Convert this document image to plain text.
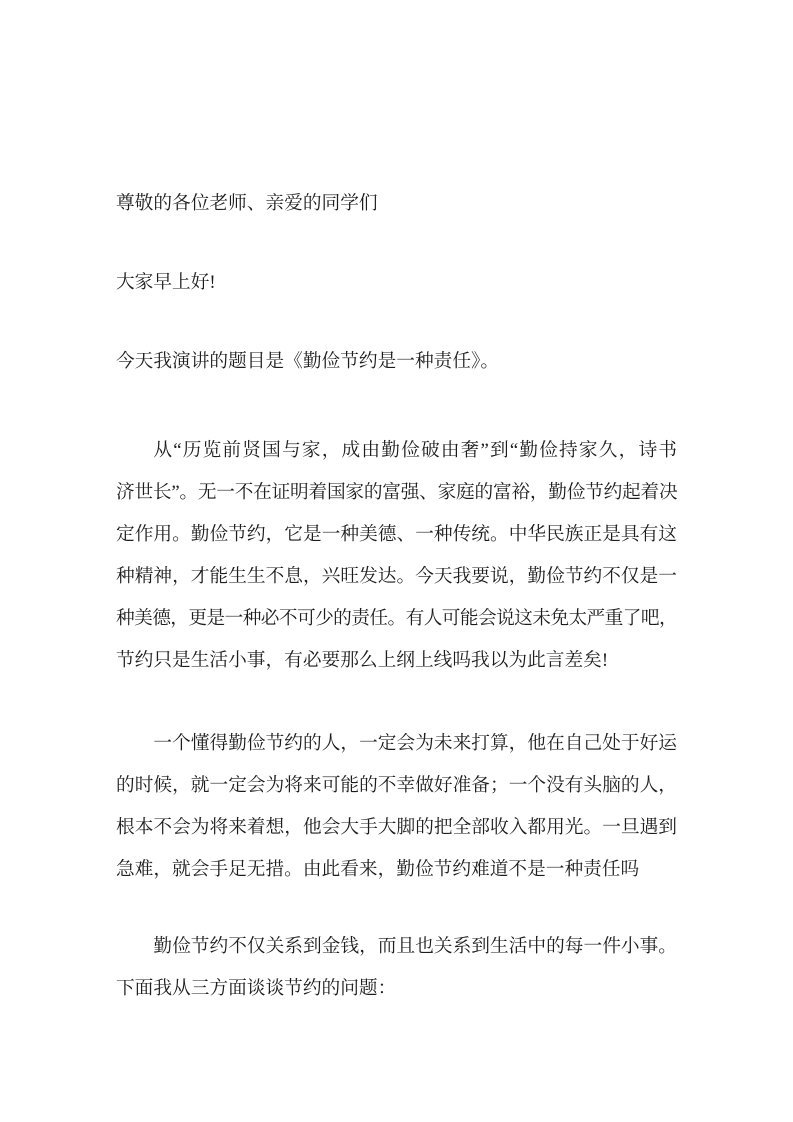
尊敬的各位老师、亲爱的同学们
大家早上好!
今天我演讲的题目是《勤俭节约是一种责任》。
从“历览前贤国与家，成由勤俭破由奢”到“勤俭持家久，诗书
济世长”。无一不在证明着国家的富强、家庭的富裕，勤俭节约起着决
定作用。勤俭节约，它是一种美德、一种传统。中华民族正是具有这
种精神，才能生生不息，兴旺发达。今天我要说，勤俭节约不仅是一
种美德，更是一种必不可少的责任。有人可能会说这未免太严重了吧，
节约只是生活小事，有必要那么上纲上线吗我以为此言差矣!
一个懂得勤俭节约的人，一定会为未来打算，他在自己处于好运
的时候，就一定会为将来可能的不幸做好准备；一个没有头脑的人，
根本不会为将来着想，他会大手大脚的把全部收入都用光。一旦遇到
急难，就会手足无措。由此看来，勤俭节约难道不是一种责任吗
勤俭节约不仅关系到金钱，而且也关系到生活中的每一件小事。
下面我从三方面谈谈节约的问题：
